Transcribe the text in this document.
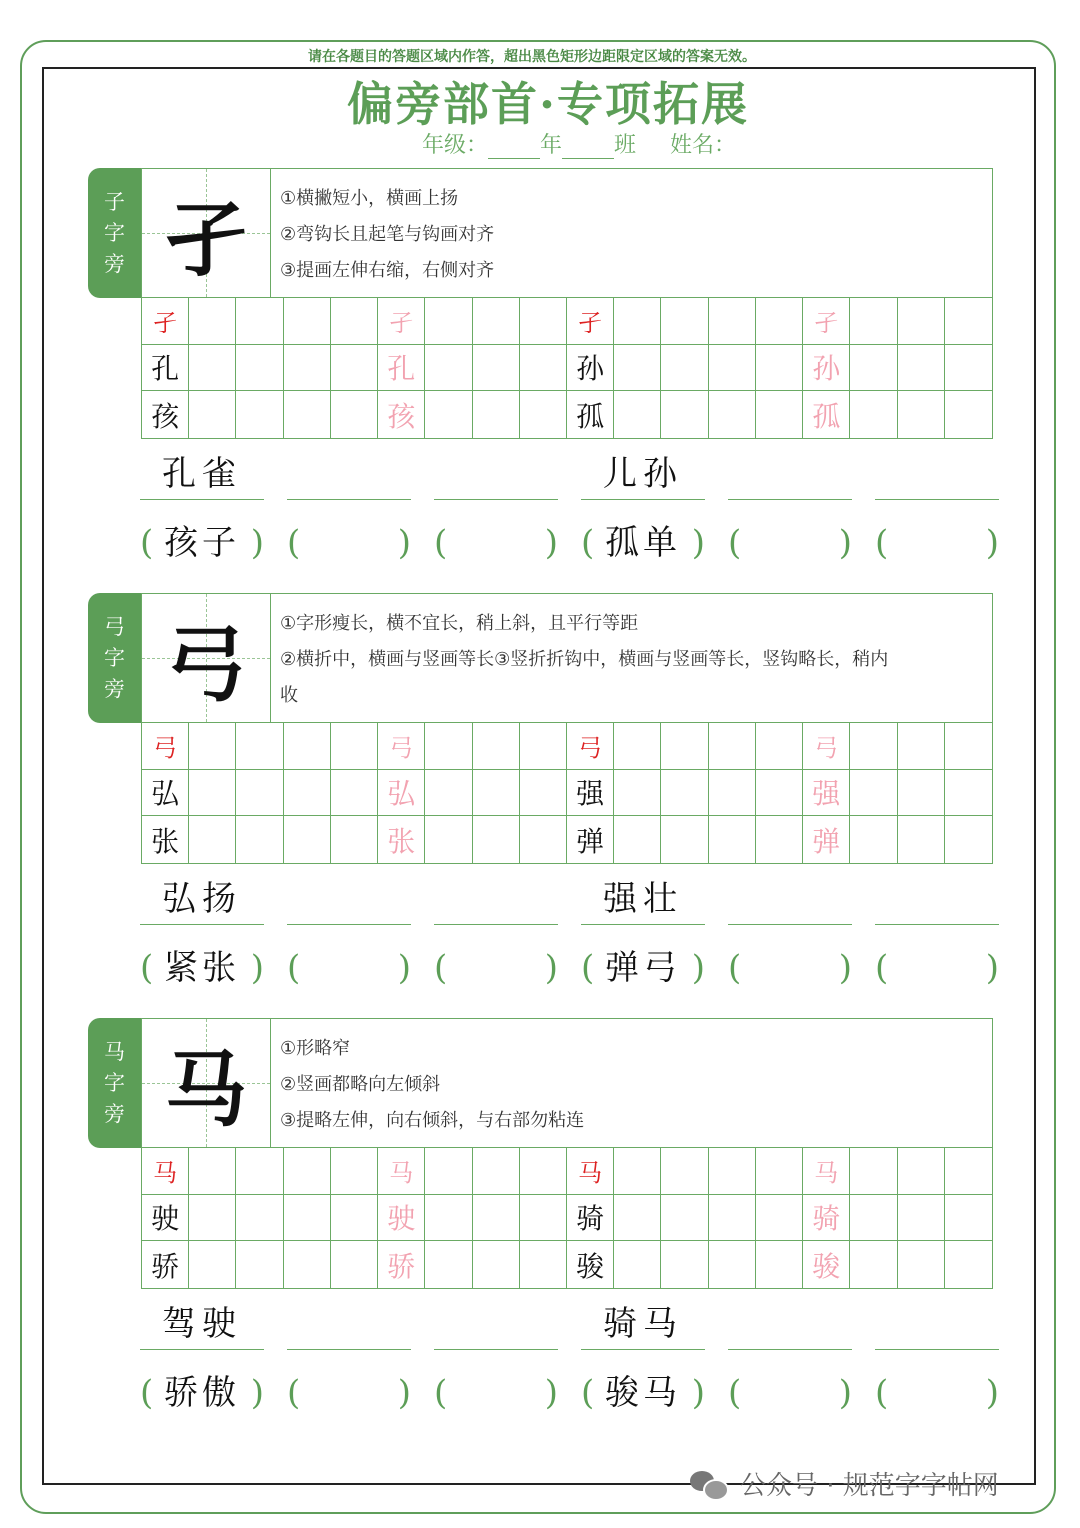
请在各题目的答题区域内作答，超出黑色矩形边距限定区域的答案无效。
偏旁部首·专项拓展
年级： 年 班 姓名：
子
字
旁 孑	①横撇短小，横画上扬
②弯钩长且起笔与钩画对齐
③提画左伸右缩，右侧对齐
孑	孑	孑	孑
孔	孔	孙	孙
孩	孩	孤	孤
孔雀	儿孙
( 孩子 ) (	) (	) ( 孤单 ) (	) (	)
弓
字
旁 弓	①字形瘦长，横不宜长，稍上斜，且平行等距
②横折中，横画与竖画等长③竖折折钩中，横画与竖画等长，竖钩略长，稍内
收
弓	弓	弓	弓
弘	弘	强	强
张	张	弹	弹
弘扬	强壮
( 紧张 ) (	) (	) ( 弹弓 ) (	) (	)
马
字
旁 马	①形略窄
②竖画都略向左倾斜
③提略左伸，向右倾斜，与右部勿粘连
马	马	马	马
驶	驶	骑	骑
骄	骄	骏	骏
驾驶	骑马
( 骄傲 ) (	) (	) ( 骏马 ) (	) (	)
公众号 · 规范字字帖网
